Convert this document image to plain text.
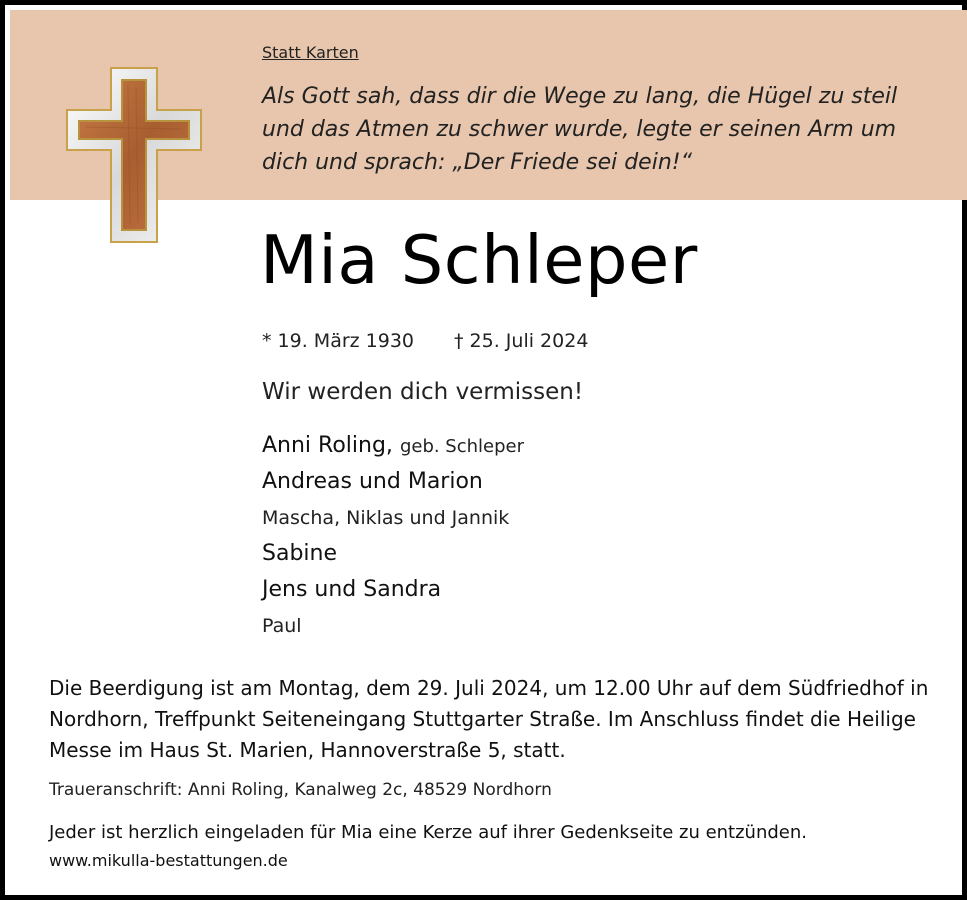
Statt Karten
Als Gott sah, dass dir die Wege zu lang, die Hügel zu steil und das Atmen zu schwer wurde, legte er seinen Arm um dich und sprach: „Der Friede sei dein!“
Mia Schleper
* 19. März 1930 † 25. Juli 2024
Wir werden dich vermissen!
Anni Roling, geb. Schleper
Andreas und Marion
Mascha, Niklas und Jannik
Sabine
Jens und Sandra
Paul
Die Beerdigung ist am Montag, dem 29. Juli 2024, um 12.00 Uhr auf dem Südfriedhof in Nordhorn, Treffpunkt Seiteneingang Stuttgarter Straße. Im Anschluss findet die Heilige Messe im Haus St. Marien, Hannoverstraße 5, statt.
Traueranschrift: Anni Roling, Kanalweg 2c, 48529 Nordhorn
Jeder ist herzlich eingeladen für Mia eine Kerze auf ihrer Gedenkseite zu entzünden.
www.mikulla-bestattungen.de
